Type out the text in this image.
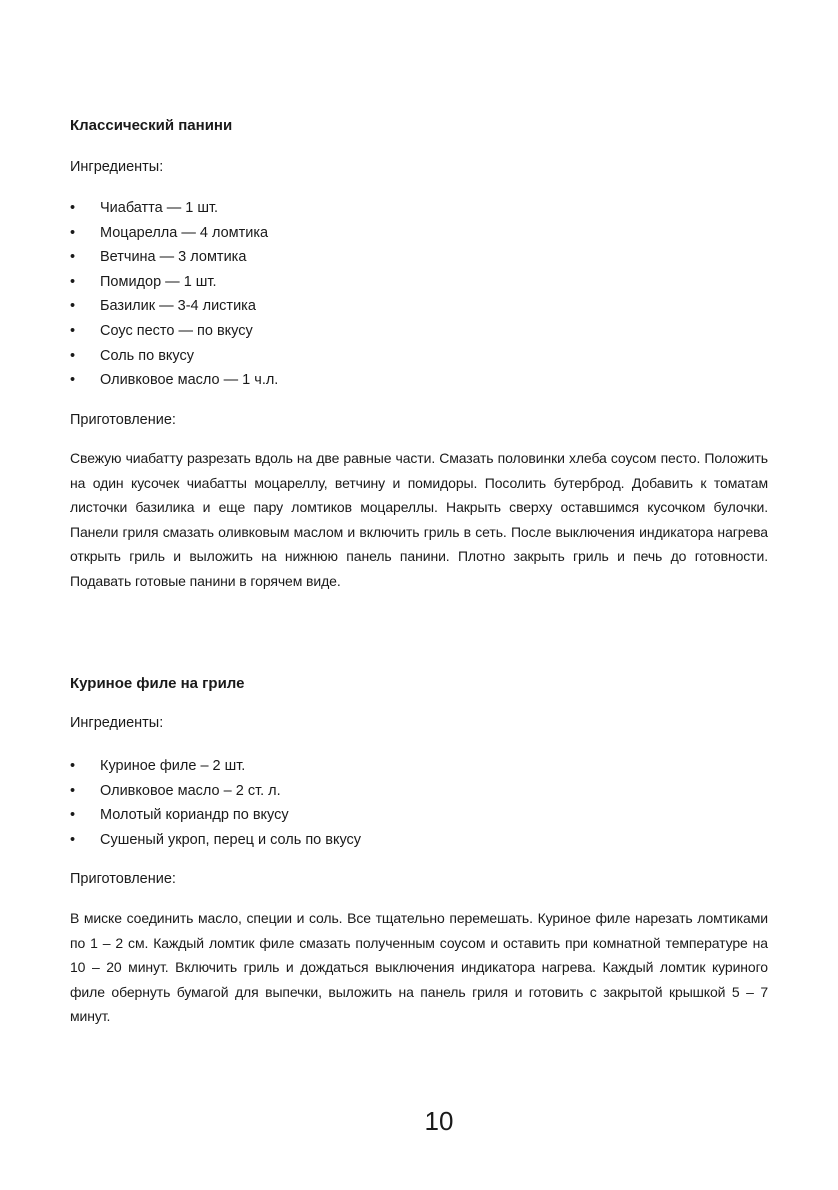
Классический панини
Ингредиенты:
• Чиабатта — 1 шт.
• Моцарелла — 4 ломтика
• Ветчина — 3 ломтика
• Помидор — 1 шт.
• Базилик — 3-4 листика
• Соус песто — по вкусу
• Соль по вкусу
• Оливковое масло — 1 ч.л.
Приготовление:
Свежую чиабатту разрезать вдоль на две равные части. Смазать половинки хлеба соусом песто. Положить на один кусочек чиабатты моцареллу, ветчину и помидоры. Посолить бутерброд. Добавить к томатам листочки базилика и еще пару ломтиков моцареллы. Накрыть сверху оставшимся кусочком булочки. Панели гриля смазать оливковым маслом и включить гриль в сеть. После выключения индикатора нагрева открыть гриль и выложить на нижнюю панель панини. Плотно закрыть гриль и печь до готовности. Подавать готовые панини в горячем виде.
Куриное филе на гриле
Ингредиенты:
• Куриное филе – 2 шт.
• Оливковое масло – 2 ст. л.
• Молотый кориандр по вкусу
• Сушеный укроп, перец и соль по вкусу
Приготовление:
В миске соединить масло, специи и соль. Все тщательно перемешать. Куриное филе нарезать ломтиками по 1 – 2 см. Каждый ломтик филе смазать полученным соусом и оставить при комнатной температуре на 10 – 20 минут. Включить гриль и дождаться выключения индикатора нагрева. Каждый ломтик куриного филе обернуть бумагой для выпечки, выложить на панель гриля и готовить с закрытой крышкой 5 – 7 минут.
10
